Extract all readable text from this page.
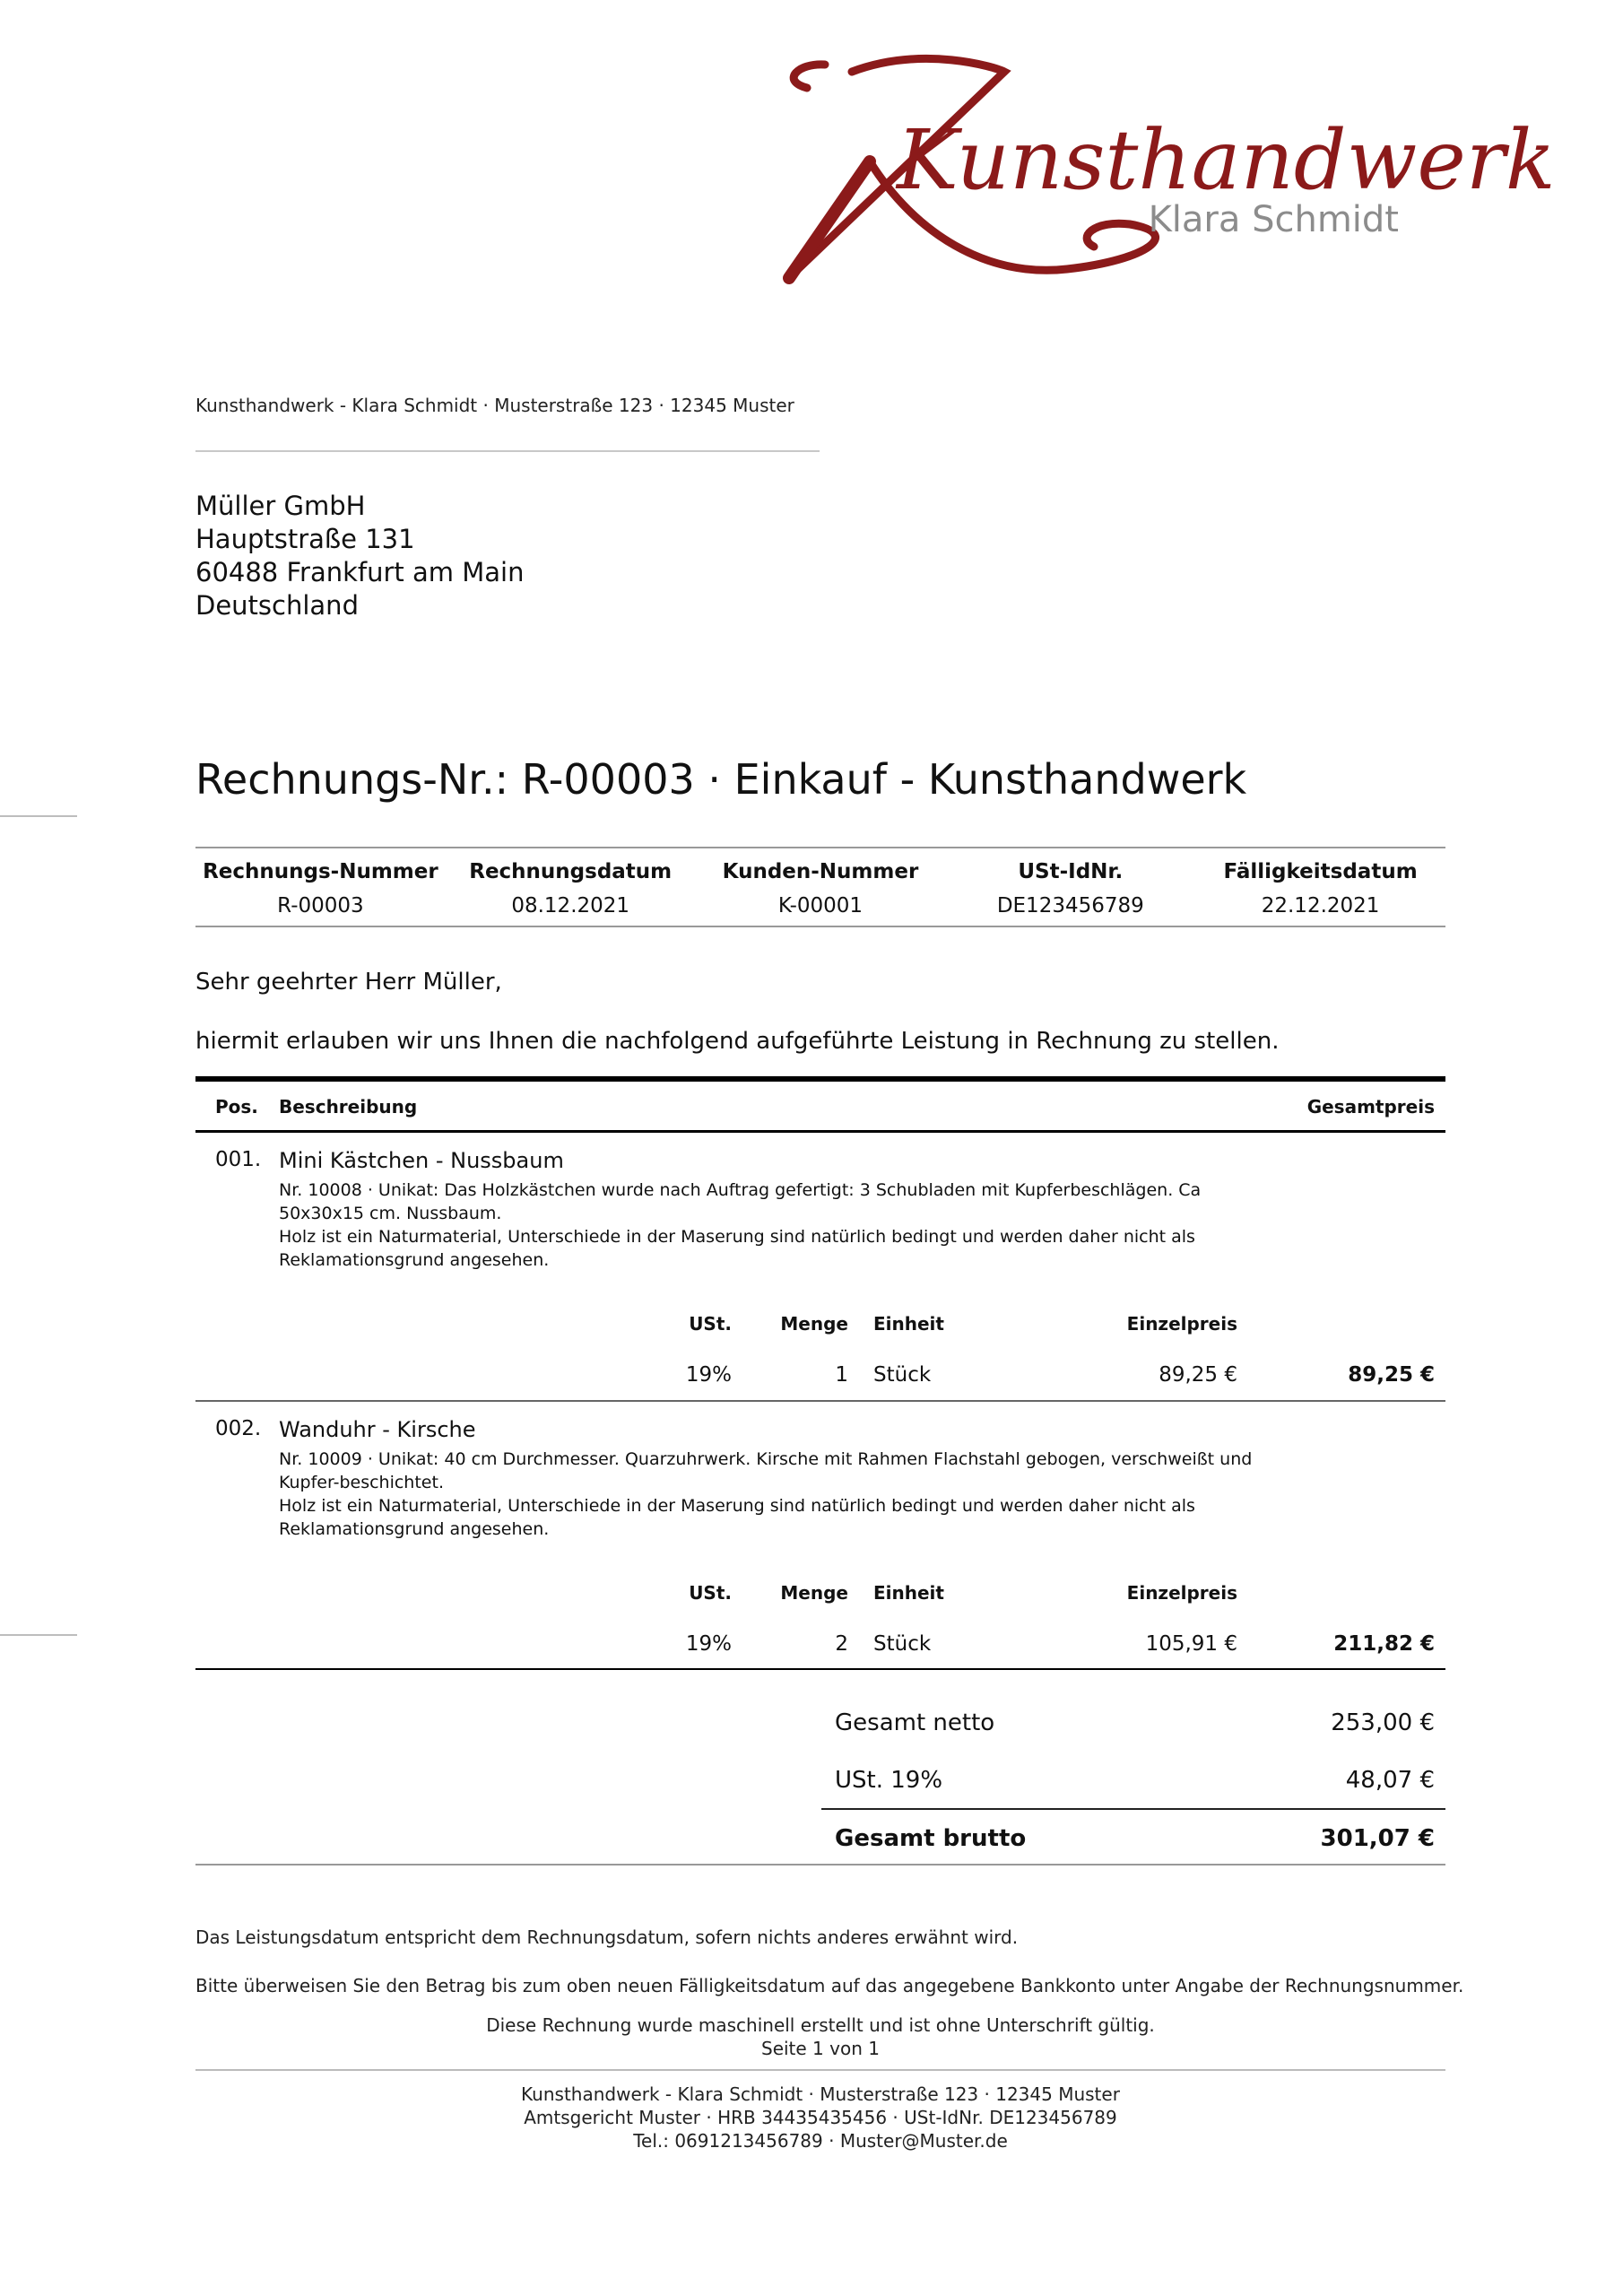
Kunsthandwerk
Klara Schmidt
Kunsthandwerk - Klara Schmidt · Musterstraße 123 · 12345 Muster
Müller GmbH
Hauptstraße 131
60488 Frankfurt am Main
Deutschland
Rechnungs-Nr.: R-00003 · Einkauf - Kunsthandwerk
Rechnungs-Nummer	Rechnungsdatum	Kunden-Nummer	USt-IdNr.	Fälligkeitsdatum
R-00003	08.12.2021	K-00001	DE123456789	22.12.2021
Sehr geehrter Herr Müller,
hiermit erlauben wir uns Ihnen die nachfolgend aufgeführte Leistung in Rechnung zu stellen.
Pos. Beschreibung	Gesamtpreis
001. Mini Kästchen - Nussbaum
Nr. 10008 · Unikat: Das Holzkästchen wurde nach Auftrag gefertigt: 3 Schubladen mit Kupferbeschlägen. Ca
50x30x15 cm. Nussbaum.
Holz ist ein Naturmaterial, Unterschiede in der Maserung sind natürlich bedingt und werden daher nicht als
Reklamationsgrund angesehen.
USt.	Menge Einheit	Einzelpreis
19%	1 Stück	89,25 €	89,25 €
002. Wanduhr - Kirsche
Nr. 10009 · Unikat: 40 cm Durchmesser. Quarzuhrwerk. Kirsche mit Rahmen Flachstahl gebogen, verschweißt und
Kupfer-beschichtet.
Holz ist ein Naturmaterial, Unterschiede in der Maserung sind natürlich bedingt und werden daher nicht als
Reklamationsgrund angesehen.
USt.	Menge Einheit	Einzelpreis
19%	2 Stück	105,91 €	211,82 €
Gesamt netto	253,00 €
USt. 19%	48,07 €
Gesamt brutto	301,07 €
Das Leistungsdatum entspricht dem Rechnungsdatum, sofern nichts anderes erwähnt wird.
Bitte überweisen Sie den Betrag bis zum oben neuen Fälligkeitsdatum auf das angegebene Bankkonto unter Angabe der Rechnungsnummer.
Diese Rechnung wurde maschinell erstellt und ist ohne Unterschrift gültig.
Seite 1 von 1
Kunsthandwerk - Klara Schmidt · Musterstraße 123 · 12345 Muster
Amtsgericht Muster · HRB 34435435456 · USt-IdNr. DE123456789
Tel.: 0691213456789 · Muster@Muster.de
